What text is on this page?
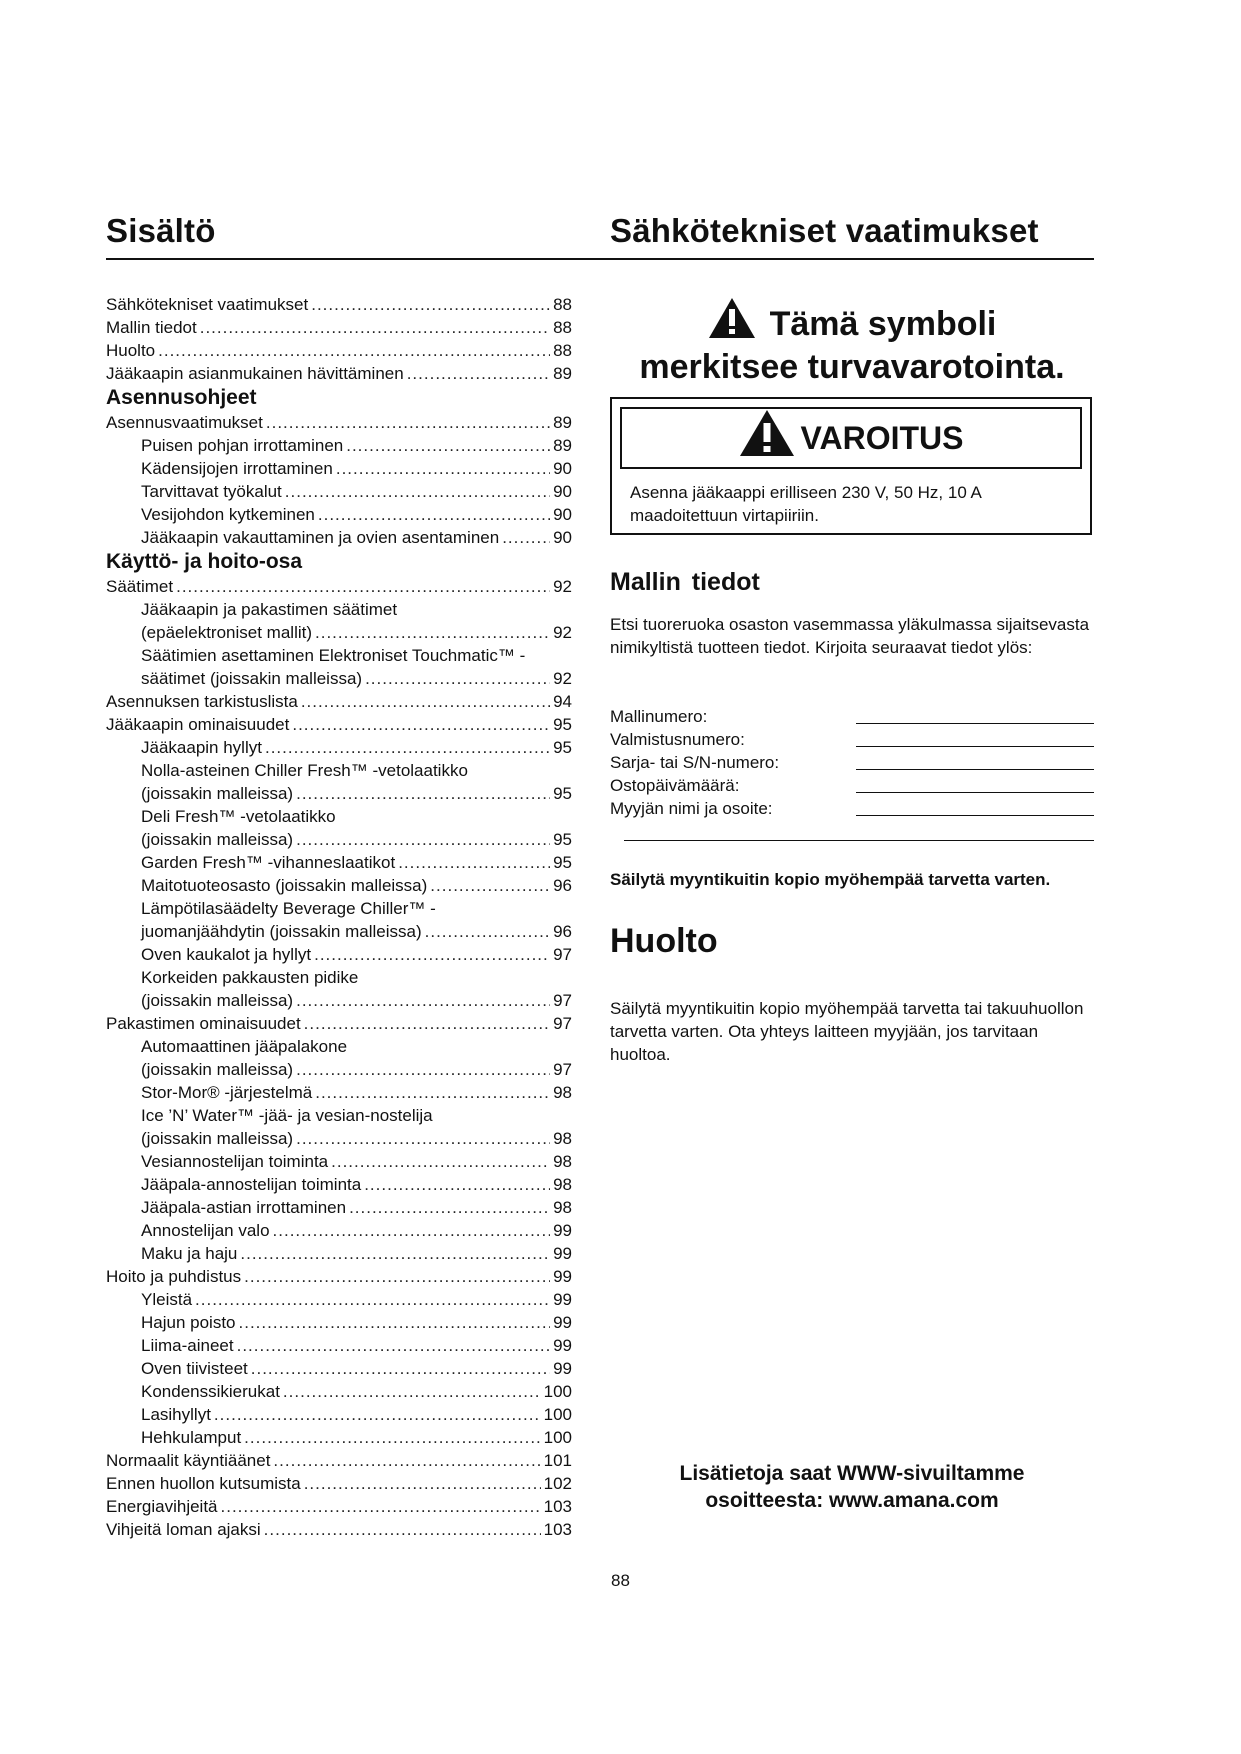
Sisältö	Sähkötekniset vaatimukset
Sähkötekniset vaatimukset .....	88
Mallin tiedot .....	88
Huolto .....	88
Jääkaapin asianmukainen hävittäminen .....	89
Asennusohjeet
Asennusvaatimukset .....	89
Puisen pohjan irrottaminen .....	89
Kädensijojen irrottaminen .....	90
Tarvittavat työkalut .....	90
Vesijohdon kytkeminen .....	90
Jääkaapin vakauttaminen ja ovien asentaminen .....	90
Käyttö- ja hoito-osa
Säätimet .....	92
Jääkaapin ja pakastimen säätimet
(epäelektroniset mallit) .....	92
Säätimien asettaminen Elektroniset Touchmatic™ -
säätimet (joissakin malleissa) .....	92
Asennuksen tarkistuslista .....	94
Jääkaapin ominaisuudet .....	95
Jääkaapin hyllyt .....	95
Nolla-asteinen Chiller Fresh™ -vetolaatikko
(joissakin malleissa) .....	95
Deli Fresh™ -vetolaatikko
(joissakin malleissa) .....	95
Garden Fresh™ -vihanneslaatikot .....	95
Maitotuoteosasto (joissakin malleissa) .....	96
Lämpötilasäädelty Beverage Chiller™ -
juomanjäähdytin (joissakin malleissa) .....	96
Oven kaukalot ja hyllyt .....	97
Korkeiden pakkausten pidike
(joissakin malleissa) .....	97
Pakastimen ominaisuudet .....	97
Automaattinen jääpalakone
(joissakin malleissa) .....	97
Stor-Mor® -järjestelmä .....	98
Ice ’N’ Water™ -jää- ja vesian-nostelija
(joissakin malleissa) .....	98
Vesiannostelijan toiminta .....	98
Jääpala-annostelijan toiminta .....	98
Jääpala-astian irrottaminen .....	98
Annostelijan valo .....	99
Maku ja haju .....	99
Hoito ja puhdistus .....	99
Yleistä .....	99
Hajun poisto .....	99
Liima-aineet .....	99
Oven tiivisteet .....	99
Kondenssikierukat .....	100
Lasihyllyt .....	100
Hehkulamput .....	100
Normaalit käyntiäänet .....	101
Ennen huollon kutsumista .....	102
Energiavihjeitä .....	103
Vihjeitä loman ajaksi .....	103
Tämä symboli
merkitsee turvavarotointa.
VAROITUS
Asenna jääkaappi erilliseen 230 V, 50 Hz, 10 A maadoitettuun virtapiiriin.
Mallin tiedot
Etsi tuoreruoka osaston vasemmassa yläkulmassa sijaitsevasta nimikyltistä tuotteen tiedot. Kirjoita seuraavat tiedot ylös:
Mallinumero:
Valmistusnumero:
Sarja- tai S/N-numero:
Ostopäivämäärä:
Myyjän nimi ja osoite:
Säilytä myyntikuitin kopio myöhempää tarvetta varten.
Huolto
Säilytä myyntikuitin kopio myöhempää tarvetta tai takuuhuollon tarvetta varten. Ota yhteys laitteen myyjään, jos tarvitaan huoltoa.
Lisätietoja saat WWW-sivuiltamme
osoitteesta: www.amana.com
88
